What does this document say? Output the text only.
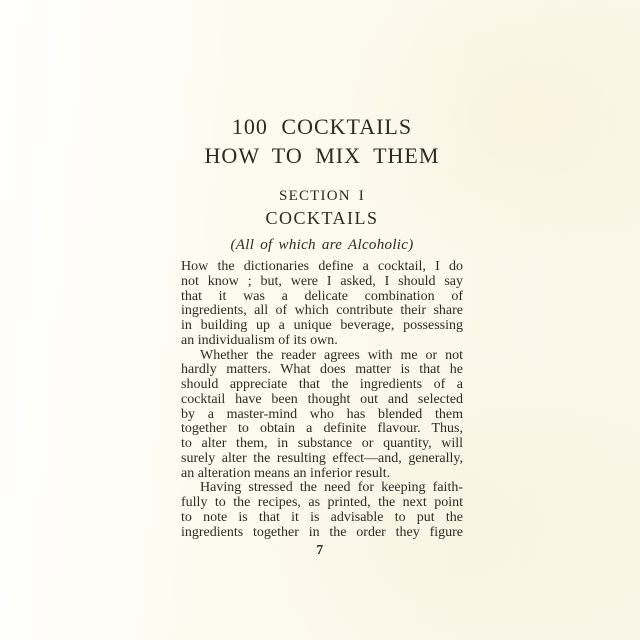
100 COCKTAILS
HOW TO MIX THEM
SECTION I
COCKTAILS
(All of which are Alcoholic)
How the dictionaries define a cocktail, I do
not know ; but, were I asked, I should say
that it was a delicate combination of
ingredients, all of which contribute their share
in building up a unique beverage, possessing
an individualism of its own.
Whether the reader agrees with me or not
hardly matters. What does matter is that he
should appreciate that the ingredients of a
cocktail have been thought out and selected
by a master-mind who has blended them
together to obtain a definite flavour. Thus,
to alter them, in substance or quantity, will
surely alter the resulting effect—and, generally,
an alteration means an inferior result.
Having stressed the need for keeping faith-
fully to the recipes, as printed, the next point
to note is that it is advisable to put the
ingredients together in the order they figure
7
